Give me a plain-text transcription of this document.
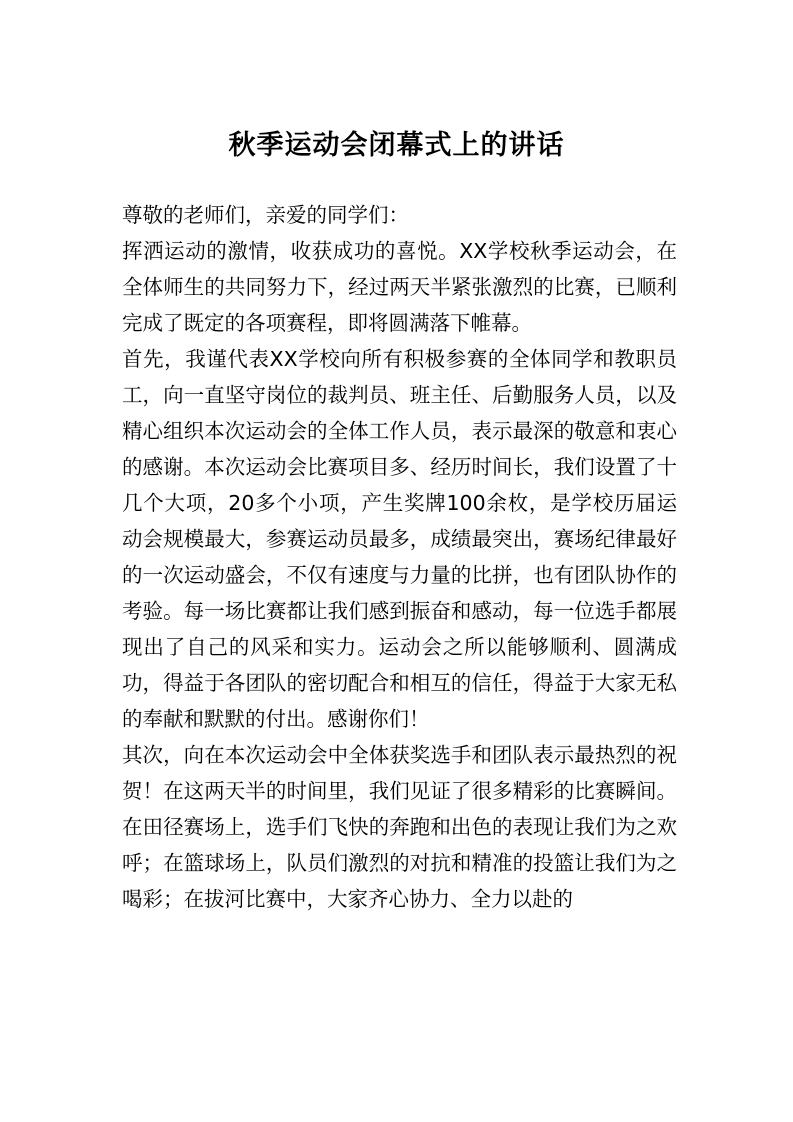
秋季运动会闭幕式上的讲话

尊敬的老师们，亲爱的同学们：

挥洒运动的激情，收获成功的喜悦。XX学校秋季运动会，在全体师生的共同努力下，经过两天半紧张激烈的比赛，已顺利完成了既定的各项赛程，即将圆满落下帷幕。

首先，我谨代表XX学校向所有积极参赛的全体同学和教职员工，向一直坚守岗位的裁判员、班主任、后勤服务人员，以及精心组织本次运动会的全体工作人员，表示最深的敬意和衷心的感谢。本次运动会比赛项目多、经历时间长，我们设置了十几个大项，20多个小项，产生奖牌100余枚，是学校历届运动会规模最大，参赛运动员最多，成绩最突出，赛场纪律最好的一次运动盛会，不仅有速度与力量的比拼，也有团队协作的考验。每一场比赛都让我们感到振奋和感动，每一位选手都展现出了自己的风采和实力。运动会之所以能够顺利、圆满成功，得益于各团队的密切配合和相互的信任，得益于大家无私的奉献和默默的付出。感谢你们！

其次，向在本次运动会中全体获奖选手和团队表示最热烈的祝贺！在这两天半的时间里，我们见证了很多精彩的比赛瞬间。在田径赛场上，选手们飞快的奔跑和出色的表现让我们为之欢呼；在篮球场上，队员们激烈的对抗和精准的投篮让我们为之喝彩；在拔河比赛中，大家齐心协力、全力以赴的
